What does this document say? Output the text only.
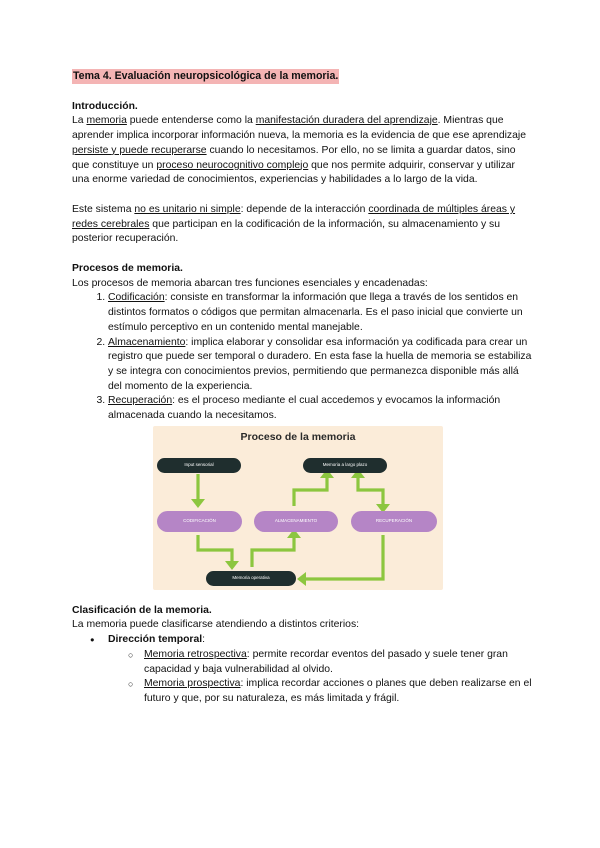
Tema 4. Evaluación neuropsicológica de la memoria.

Introducción.

La memoria puede entenderse como la manifestación duradera del aprendizaje. Mientras que aprender implica incorporar información nueva, la memoria es la evidencia de que ese aprendizaje persiste y puede recuperarse cuando lo necesitamos. Por ello, no se limita a guardar datos, sino que constituye un proceso neurocognitivo complejo que nos permite adquirir, conservar y utilizar una enorme variedad de conocimientos, experiencias y habilidades a lo largo de la vida.

Este sistema no es unitario ni simple: depende de la interacción coordinada de múltiples áreas y redes cerebrales que participan en la codificación de la información, su almacenamiento y su posterior recuperación.

Procesos de memoria.

Los procesos de memoria abarcan tres funciones esenciales y encadenadas:

1. Codificación: consiste en transformar la información que llega a través de los sentidos en distintos formatos o códigos que permitan almacenarla. Es el paso inicial que convierte un estímulo perceptivo en un contenido mental manejable.
2. Almacenamiento: implica elaborar y consolidar esa información ya codificada para crear un registro que puede ser temporal o duradero. En esta fase la huella de memoria se estabiliza y se integra con conocimientos previos, permitiendo que permanezca disponible más allá del momento de la experiencia.
3. Recuperación: es el proceso mediante el cual accedemos y evocamos la información almacenada cuando la necesitamos.
Proceso de la memoria
Input sensorial	Memoria a largo plazo
CODIFICACIÓN	ALMACENAMIENTO	RECUPERACIÓN
Memoria operativa

Clasificación de la memoria.

La memoria puede clasificarse atendiendo a distintos criterios:

● Dirección temporal:
○ Memoria retrospectiva: permite recordar eventos del pasado y suele tener gran capacidad y baja vulnerabilidad al olvido.
○ Memoria prospectiva: implica recordar acciones o planes que deben realizarse en el futuro y que, por su naturaleza, es más limitada y frágil.
